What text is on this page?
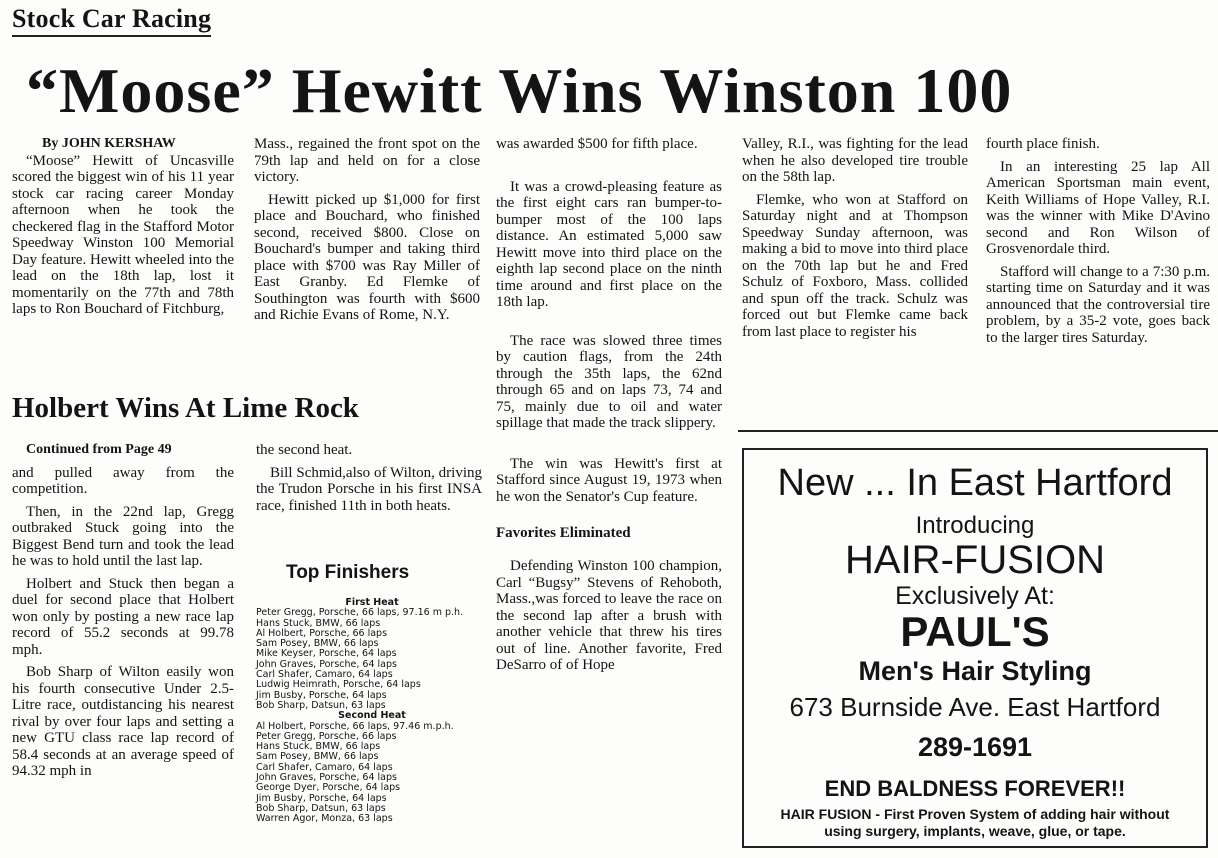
Stock Car Racing
“Moose” Hewitt Wins Winston 100
By JOHN KERSHAW

“Moose” Hewitt of Uncasville scored the biggest win of his 11 year stock car racing career Monday afternoon when he took the checkered flag in the Stafford Motor Speedway Winston 100 Memorial Day feature. Hewitt wheeled into the lead on the 18th lap, lost it momentarily on the 77th and 78th laps to Ron Bouchard of Fitchburg,

Mass., regained the front spot on the 79th lap and held on for a close victory.

Hewitt picked up $1,000 for first place and Bouchard, who finished second, received $800. Close on Bouchard's bumper and taking third place with $700 was Ray Miller of East Granby. Ed Flemke of Southington was fourth with $600 and Richie Evans of Rome, N.Y.

was awarded $500 for fifth place.

It was a crowd-pleasing feature as the first eight cars ran bumper-to-bumper most of the 100 laps distance. An estimated 5,000 saw Hewitt move into third place on the eighth lap second place on the ninth time around and first place on the 18th lap.

The race was slowed three times by caution flags, from the 24th through the 35th laps, the 62nd through 65 and on laps 73, 74 and 75, mainly due to oil and water spillage that made the track slippery.

The win was Hewitt's first at Stafford since August 19, 1973 when he won the Senator's Cup feature.

Favorites Eliminated

Defending Winston 100 champion, Carl “Bugsy” Stevens of Rehoboth, Mass.,was forced to leave the race on the second lap after a brush with another vehicle that threw his tires out of line. Another favorite, Fred DeSarro of of Hope

Valley, R.I., was fighting for the lead when he also developed tire trouble on the 58th lap.

Flemke, who won at Stafford on Saturday night and at Thompson Speedway Sunday afternoon, was making a bid to move into third place on the 70th lap but he and Fred Schulz of Foxboro, Mass. collided and spun off the track. Schulz was forced out but Flemke came back from last place to register his

fourth place finish.

In an interesting 25 lap All American Sportsman main event, Keith Williams of Hope Valley, R.I. was the winner with Mike D'Avino second and Ron Wilson of Grosvenordale third.

Stafford will change to a 7:30 p.m. starting time on Saturday and it was announced that the controversial tire problem, by a 35-2 vote, goes back to the larger tires Saturday.

Holbert Wins At Lime Rock
Continued from Page 49

and pulled away from the competition.

Then, in the 22nd lap, Gregg outbraked Stuck going into the Biggest Bend turn and took the lead he was to hold until the last lap.

Holbert and Stuck then began a duel for second place that Holbert won only by posting a new race lap record of 55.2 seconds at 99.78 mph.

Bob Sharp of Wilton easily won his fourth consecutive Under 2.5-Litre race, outdistancing his nearest rival by over four laps and setting a new GTU class race lap record of 58.4 seconds at an average speed of 94.32 mph in

the second heat.

Bill Schmid,also of Wilton, driving the Trudon Porsche in his first INSA race, finished 11th in both heats.

Top Finishers
First Heat
Peter Gregg, Porsche, 66 laps, 97.16 m p.h.
Hans Stuck, BMW, 66 laps
Al Holbert, Porsche, 66 laps
Sam Posey, BMW, 66 laps
Mike Keyser, Porsche, 64 laps
John Graves, Porsche, 64 laps
Carl Shafer, Camaro, 64 laps
Ludwig Heimrath, Porsche, 64 laps
Jim Busby, Porsche, 64 laps
Bob Sharp, Datsun, 63 laps
Second Heat
Al Holbert, Porsche, 66 laps, 97.46 m.p.h.
Peter Gregg, Porsche, 66 laps
Hans Stuck, BMW, 66 laps
Sam Posey, BMW, 66 laps
Carl Shafer, Camaro, 64 laps
John Graves, Porsche, 64 laps
George Dyer, Porsche, 64 laps
Jim Busby, Porsche, 64 laps
Bob Sharp, Datsun, 63 laps
Warren Agor, Monza, 63 laps
New ... In East Hartford
Introducing
HAIR-FUSION
Exclusively At:
PAUL'S
Men's Hair Styling
673 Burnside Ave. East Hartford
289-1691
END BALDNESS FOREVER!!
HAIR FUSION - First Proven System of adding hair without using surgery, implants, weave, glue, or tape.
